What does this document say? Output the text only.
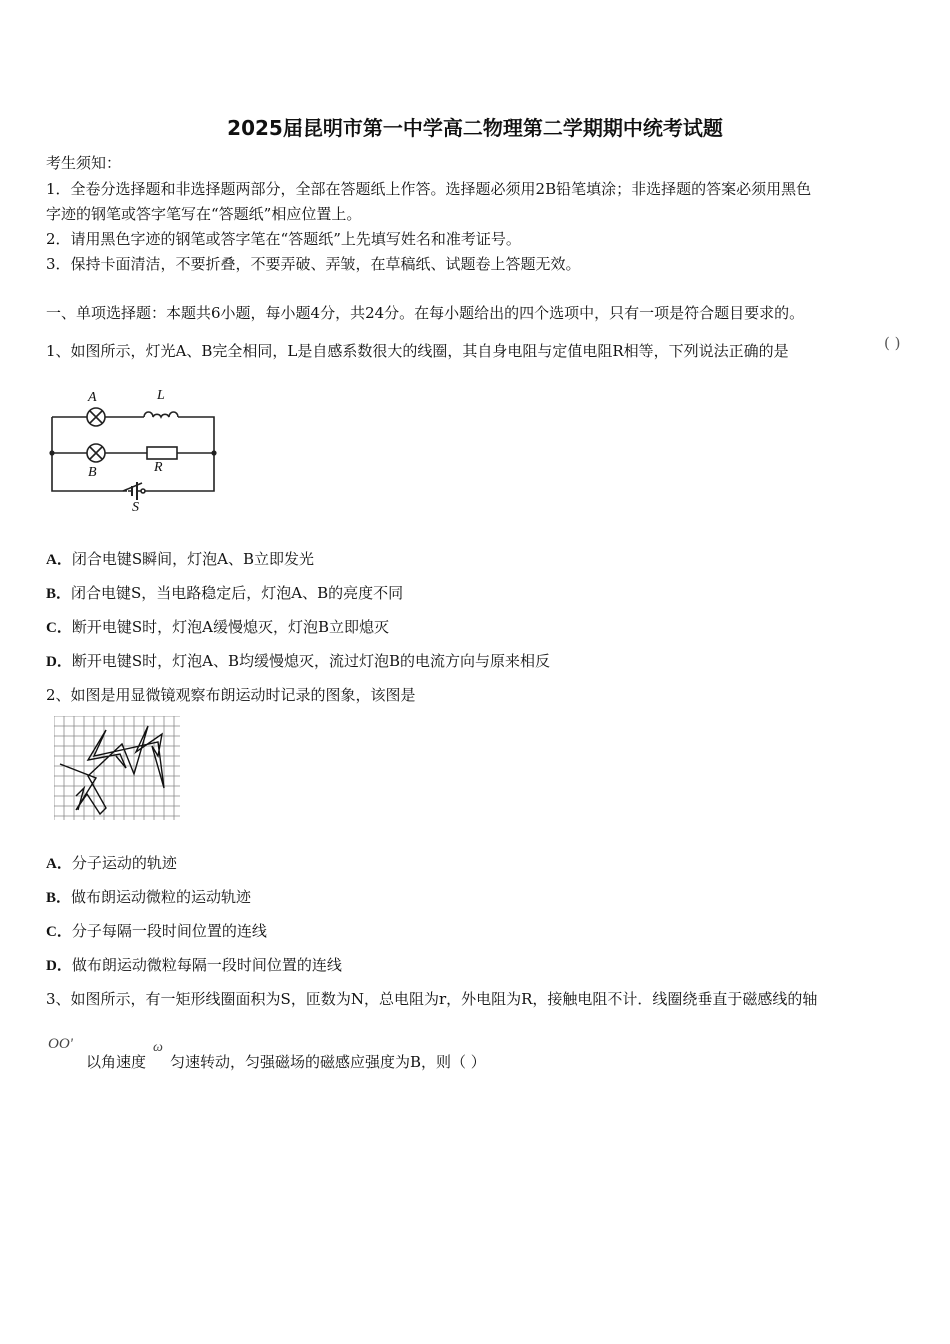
2025届昆明市第一中学高二物理第二学期期中统考试题
考生须知：
1．全卷分选择题和非选择题两部分，全部在答题纸上作答。选择题必须用2B铅笔填涂；非选择题的答案必须用黑色
字迹的钢笔或答字笔写在“答题纸”相应位置上。
2．请用黑色字迹的钢笔或答字笔在“答题纸”上先填写姓名和准考证号。
3．保持卡面清洁，不要折叠，不要弄破、弄皱，在草稿纸、试题卷上答题无效。
一、单项选择题：本题共6小题，每小题4分，共24分。在每小题给出的四个选项中，只有一项是符合题目要求的。
1、如图所示，灯光A、B完全相同，L是自感系数很大的线圈，其自身电阻与定值电阻R相等，下列说法正确的是	( )
A
B
L
R
S
A．闭合电键S瞬间，灯泡A、B立即发光
B．闭合电键S，当电路稳定后，灯泡A、B的亮度不同
C．断开电键S时，灯泡A缓慢熄灭，灯泡B立即熄灭
D．断开电键S时，灯泡A、B均缓慢熄灭，流过灯泡B的电流方向与原来相反
2、如图是用显微镜观察布朗运动时记录的图象，该图是
A．分子运动的轨迹
B．做布朗运动微粒的运动轨迹
C．分子每隔一段时间位置的连线
D．做布朗运动微粒每隔一段时间位置的连线
3、如图所示，有一矩形线圈面积为S，匝数为N，总电阻为r，外电阻为R，接触电阻不计．线圈绕垂直于磁感线的轴
OO'
以角速度
ω
匀速转动，匀强磁场的磁感应强度为B，则（ ）
